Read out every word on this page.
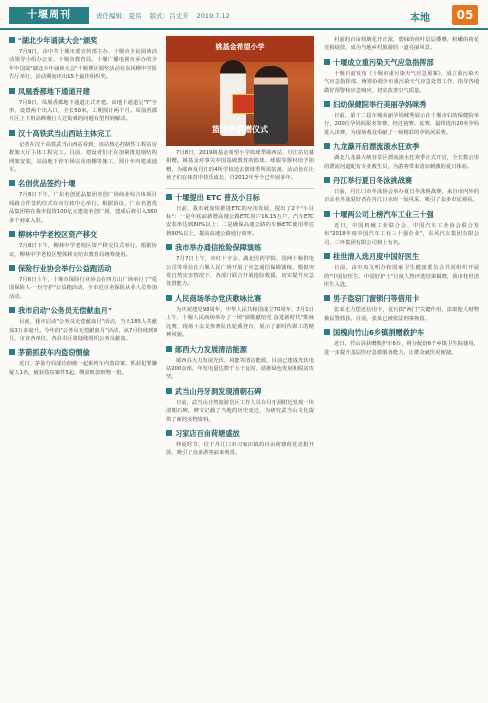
十堰周刊	责任编辑：夏伟 版式：吕丈芳 2019.7.12	本地	05
"湖北少年诵读大会"颁奖
7月9日，由中共十堰市委宣传部主办、十堰市全民阅读活动领导小组办公室、十堰市教育局、十堰广播电视台承办的少年中国说"湖北少年诵读大会"十堰赛区颁奖活动在东风柳中学报告厅举行，活动期间评出15个最佳组织奖。
凤凰香都地下通道开建
7月9日，凤凰香都地下通道正式开建。该地下通道呈"Y"字形，设置两个出入口，全长50米，工期预计两个月。凤凰香都片区上下班高峰期行人过街难的问题有望得到解决。
汉十高铁武当山西站主体完工
记者在汉十高铁武当山西站看到，该站核心控制性工程站房框架大厅主体工程完工。目前，建设者们正在加紧推进钢结构网架安装，站前地下停车场以及雨棚等施工，预计年内建成通车。
名创优品签约十堰
7月8日下午，广东名创优品集团名创广场商业综合体项目线路合作签约仪式在市行政中心举行。根据协议，广东名创优品集团将在我市投资100亿元建设名创广场，建成后将引入360多个商家入驻。
柳林中学老校区资产移交
7月8日下午，柳林中学老校区资产移交仪式举行。根据协议，柳林中学老校区整体移交给市教育局统筹使用。
保险行业协会举行公益跑活动
7月6日上午，十堰市保险行业协会在四方山广场举行了"爱国保险人·一份守护"公益跑活动，全市近百名保险从业人员参加活动。
我市启动"公务员无偿献血月"
目前，我市启动"公务员无偿献血月"活动，当天185人共献血3万多毫升。今年的"公务员无偿献血月"活动，从7月持续到9月，市直各单位、各县市区将陆续组织公务员献血。
茅箭抓获车内盗窃惯偷
近日，茅箭分局成功侦破一起系列车内盗窃案，抓获犯罪嫌疑人1名，破获盗窃案件5起，缴获赃款赃物一批。
姚基金希望小学
篮球季捐赠仪式
7月8日，2019姚基金希望小学篮球季郧西站、丹江站启幕捐赠。姚基金对事关中国基础教育的篮球、球服等器材给予捐赠，为郧西及丹江的4所学校送去篮球季所需装备，活动旨在让孩子们在体育中快乐成长，自2012年至今已开展多年。
十堰提出 ETC 普及小目标
日前，我市就加快推进ETC的应用发展，提出了2个"小目标"：一是年底前新增高速公路ETC用户16.15万户，汽车ETC安装率达到80%以上；二是确保高速公路的车辆ETC使用率达到90%以上，提高高速公路通行效率。
我市举办通信抢险保障演练
7月7日上午，市红十字会、湖北医药学院、国网十堰供电公司等单位在六堰人民广场开展了应急通信保障演练，模拟突发自然灾害情况下，各部门联合开展抢险救援，切实提升应急处置能力。
人民商场举办党庆歌咏比赛
为庆祝建党98周年，中华人民共和国成立70周年，7月1日上午，十堰人民商场举办了一场"颂歌献给党 奋进新时代"歌咏比赛，现场十余支参赛队伍轮番登台，展示了新时代职工的精神风貌。
郧西大力发展清洁能源
郧西县大力发展光伏、风能等清洁能源，目前已建成光伏电站200余座，年发电量达数千万千瓦时，助推绿色发展和脱贫攻坚。
武当山丹牙洞发现清朝石碑
日前，武当山自然旅游景区工作人员在丹牙洞附近发现一块清朝石碑，碑文记载了当地的历史变迁，为研究武当山文化提供了新的实物资料。
习家店百亩荷塘盛放
仲夏时节，位于丹江口市习家店镇的百亩荷塘荷花竞相开放，吸引了众多游客前来观赏。
村前的百亩荷塘花开正浓，碧绿的荷叶层层叠叠，粉嫩的荷花竞相绽放，成为当地乡村旅游的一道亮丽风景。
十堰成立重污染天气应急指挥部
十堰日前发布《十堰市重污染天气应急预案》，成立重污染天气应急指挥部，统筹协调全市重污染天气应急处置工作，指导各地做好预警和应急响应，切实改善空气质量。
妇幼保健院举行美丽孕妈咪秀
日前，第十二届车城美丽孕妈咪秀展示在十堰市妇幼保健院举行，200位孕妈妈报名参赛，经过初赛、复赛，最终选出20名孕妈进入决赛，为现场观众奉献了一场精彩的孕妈风采秀。
九龙瀑开启漂流滚水狂欢季
湖北九龙瀑大峡谷景区漂流滚水狂欢季正式开启，全长数公里的漂流河道配有专业救生员，为游客带来清凉刺激的夏日体验。
丹江举行夏日冬泳挑战赛
日前，丹江口市冬泳协会举办夏日冬泳挑战赛，来自市内外的百余名冬泳爱好者在丹江口水库一展风采，吸引了众多市民观看。
十堰两公司上榜汽车工业三十强
近日，中国机械工业联合会、中国汽车工业协会联合发布"2018年度中国汽车工业三十强企业"，东风汽车集团有限公司、三环集团有限公司榜上有名。
桂世清入选月度中国好医生
日前，由中央文明办和国家卫生健康委员会共同组织开展的"中国好医生、中国好护士"月度人物评选结果揭晓，我市桂世清医生入选。
男子盗窃门窗锁闩等借用卡
张某无力偿还信用卡，竟污损"两门"关键作用，盗取他人财物被民警抓获。目前，张某已被依法刑事拘留。
国槐向竹山6乡镇捐赠救护车
近日，竹山县获赠救护车6台，将分配给6个乡镇卫生院使用，进一步提升基层医疗急救服务能力，让群众就医更便捷。
